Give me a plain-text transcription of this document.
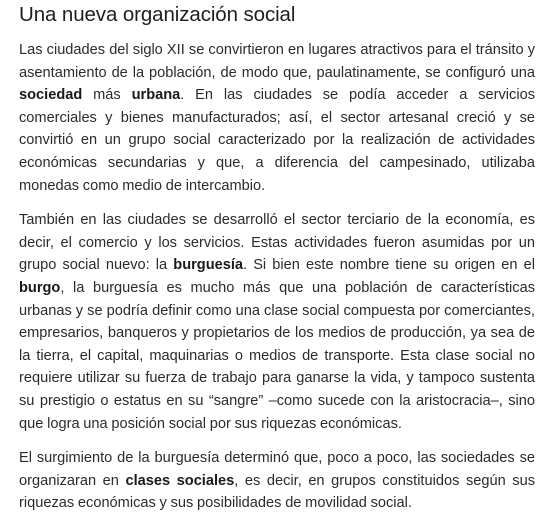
Una nueva organización social

Las ciudades del siglo XII se convirtieron en lugares atractivos para el tránsito y asentamiento de la población, de modo que, paulatinamente, se configuró una sociedad más urbana. En las ciudades se podía acceder a servicios comerciales y bienes manufacturados; así, el sector artesanal creció y se convirtió en un grupo social caracterizado por la realización de actividades económicas secundarias y que, a diferencia del campesinado, utilizaba monedas como medio de intercambio.

También en las ciudades se desarrolló el sector terciario de la economía, es decir, el comercio y los servicios. Estas actividades fueron asumidas por un grupo social nuevo: la burguesía. Si bien este nombre tiene su origen en el burgo, la burguesía es mucho más que una población de características urbanas y se podría definir como una clase social compuesta por comerciantes, empresarios, banqueros y propietarios de los medios de producción, ya sea de la tierra, el capital, maquinarias o medios de transporte. Esta clase social no requiere utilizar su fuerza de trabajo para ganarse la vida, y tampoco sustenta su prestigio o estatus en su “sangre” –como sucede con la aristocracia–, sino que logra una posición social por sus riquezas económicas.

El surgimiento de la burguesía determinó que, poco a poco, las sociedades se organizaran en clases sociales, es decir, en grupos constituidos según sus riquezas económicas y sus posibilidades de movilidad social.
